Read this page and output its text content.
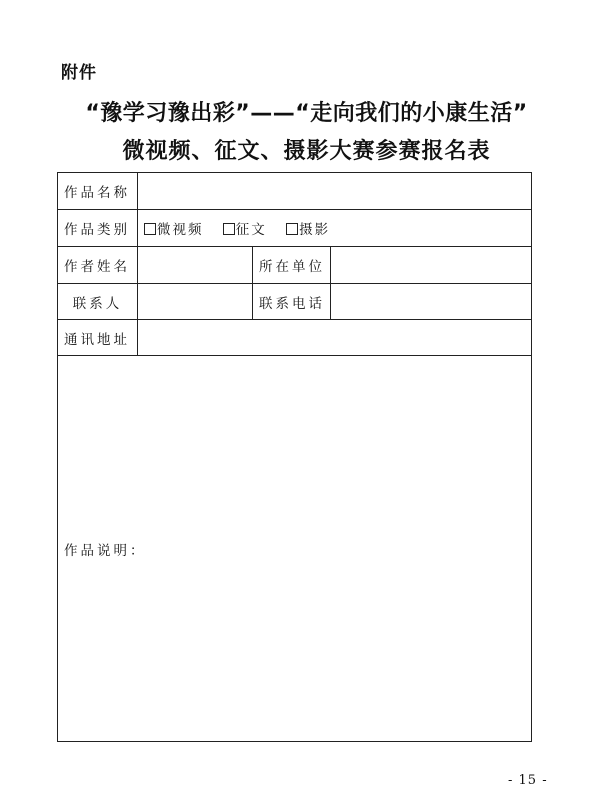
附件
“豫学习豫出彩”——“走向我们的小康生活”
微视频、征文、摄影大赛参赛报名表
作品名称			
作品类别	微视频 征文 摄影		
作者姓名		所在单位	
联系人		联系电话	
通讯地址			
作品说明：			
- 15 -
